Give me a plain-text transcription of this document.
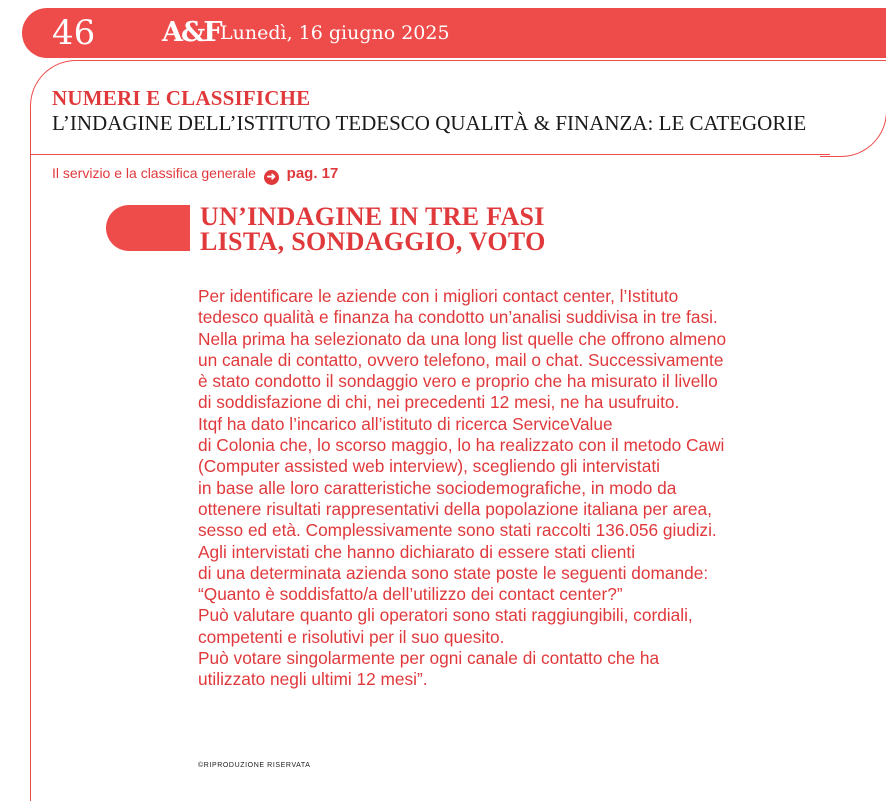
46 A&F Lunedì, 16 giugno 2025
NUMERI E CLASSIFICHE
L’INDAGINE DELL’ISTITUTO TEDESCO QUALITÀ & FINANZA: LE CATEGORIE
Il servizio e la classifica generale ➜ pag. 17
UN’INDAGINE IN TRE FASI
LISTA, SONDAGGIO, VOTO
Per identificare le aziende con i migliori contact center, l’Istituto
tedesco qualità e finanza ha condotto un’analisi suddivisa in tre fasi.
Nella prima ha selezionato da una long list quelle che offrono almeno
un canale di contatto, ovvero telefono, mail o chat. Successivamente
è stato condotto il sondaggio vero e proprio che ha misurato il livello
di soddisfazione di chi, nei precedenti 12 mesi, ne ha usufruito.
Itqf ha dato l’incarico all’istituto di ricerca ServiceValue
di Colonia che, lo scorso maggio, lo ha realizzato con il metodo Cawi
(Computer assisted web interview), scegliendo gli intervistati
in base alle loro caratteristiche sociodemografiche, in modo da
ottenere risultati rappresentativi della popolazione italiana per area,
sesso ed età. Complessivamente sono stati raccolti 136.056 giudizi.
Agli intervistati che hanno dichiarato di essere stati clienti
di una determinata azienda sono state poste le seguenti domande:
“Quanto è soddisfatto/a dell’utilizzo dei contact center?”
Può valutare quanto gli operatori sono stati raggiungibili, cordiali,
competenti e risolutivi per il suo quesito.
Può votare singolarmente per ogni canale di contatto che ha
utilizzato negli ultimi 12 mesi”.
©RIPRODUZIONE RISERVATA
